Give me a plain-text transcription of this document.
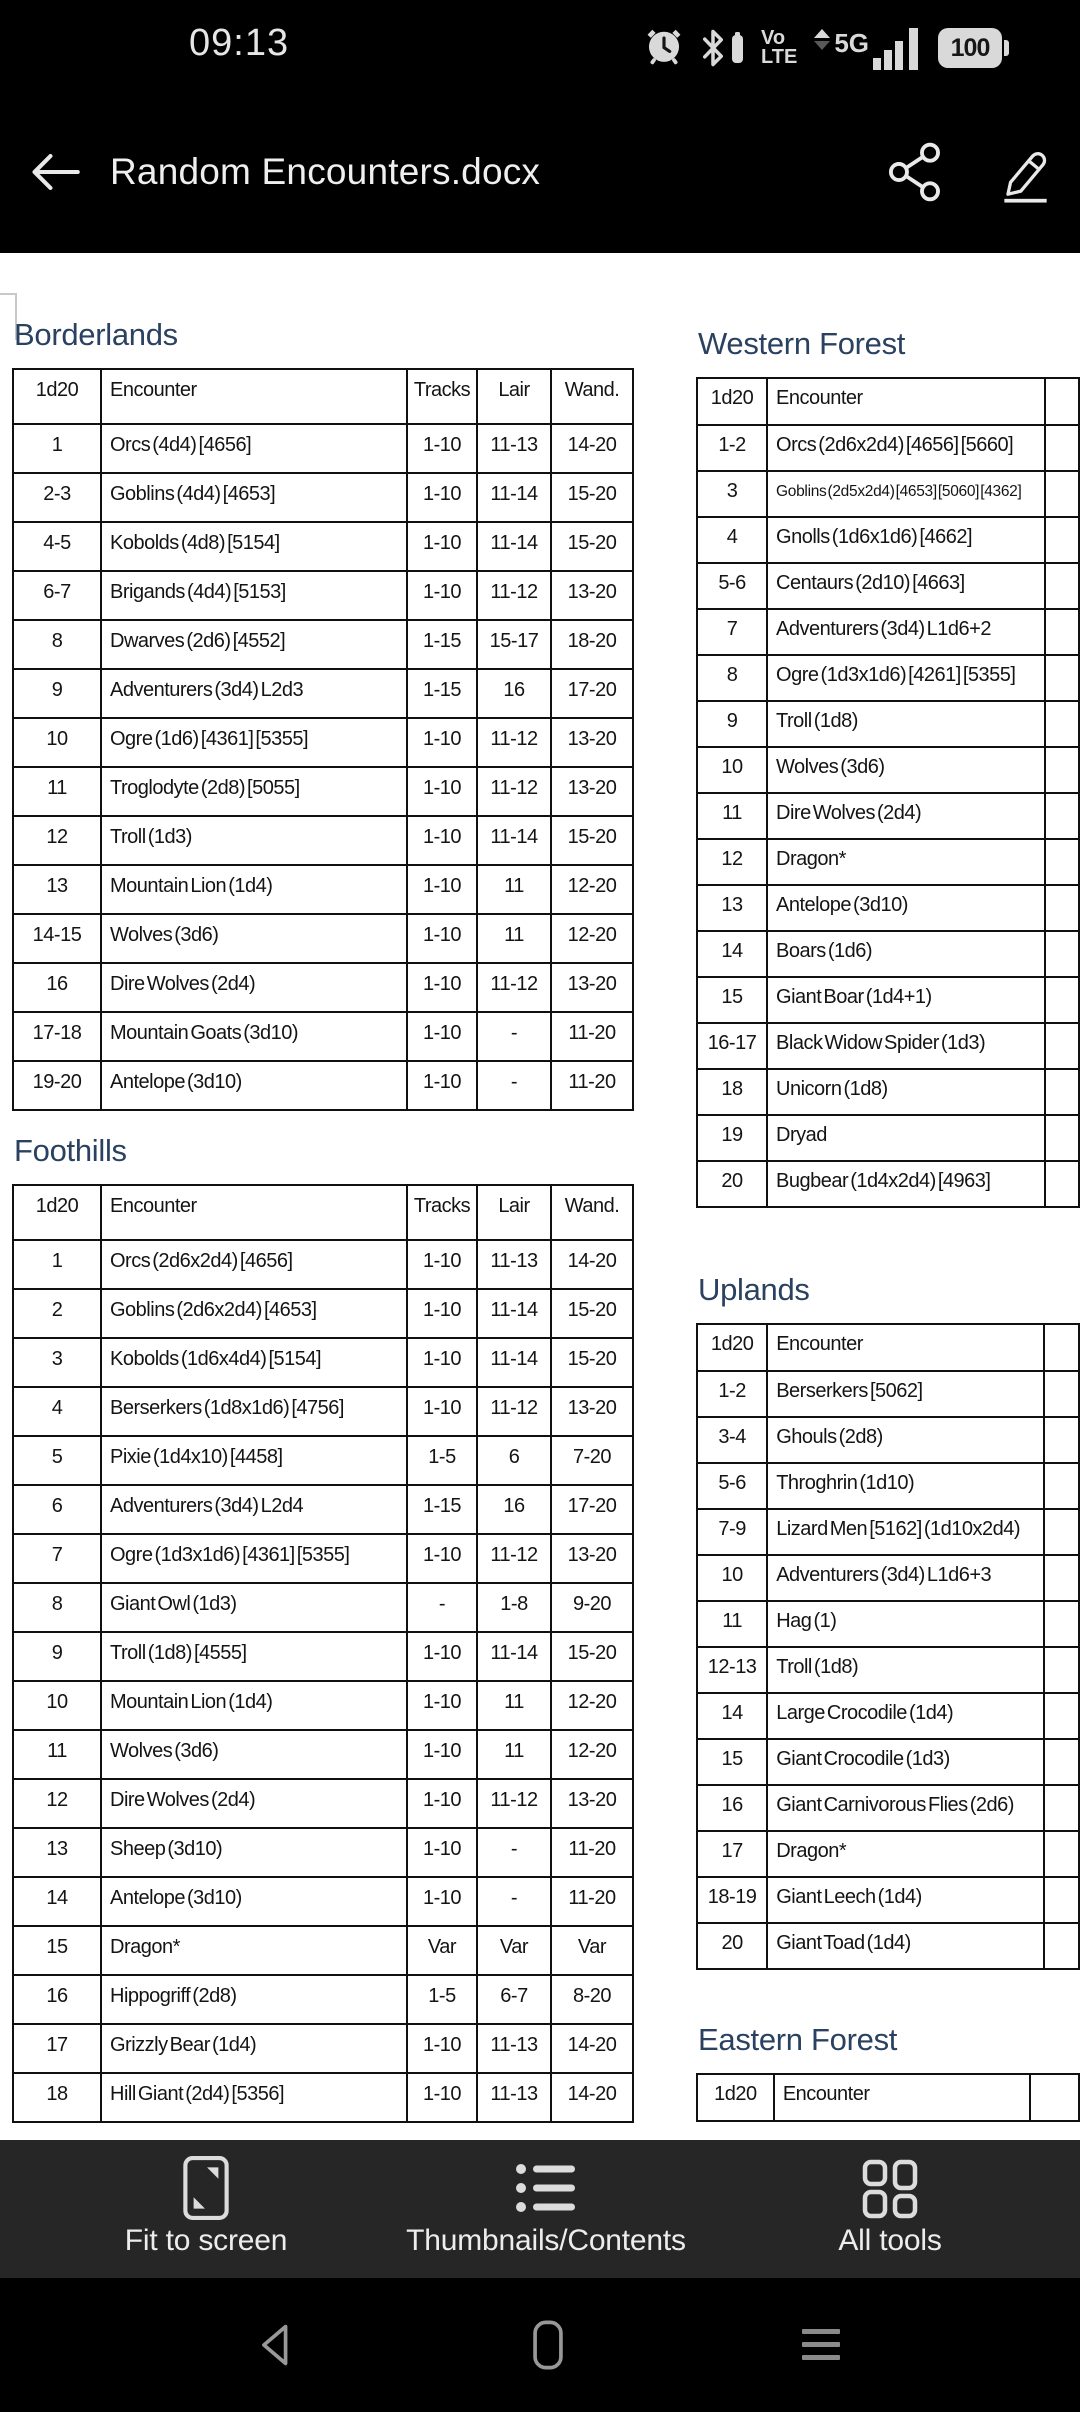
09:13	Vo
LTE 5G	100
Random Encounters.docx
Borderlands
1d20	Encounter	Tracks	Lair	Wand.
1	Orcs (4d4) [4656]	1-10	11-13	14-20
2-3	Goblins (4d4) [4653]	1-10	11-14	15-20
4-5	Kobolds (4d8) [5154]	1-10	11-14	15-20
6-7	Brigands (4d4) [5153]	1-10	11-12	13-20
8	Dwarves (2d6) [4552]	1-15	15-17	18-20
9	Adventurers (3d4) L2d3	1-15	16	17-20
10	Ogre (1d6) [4361] [5355]	1-10	11-12	13-20
11	Troglodyte (2d8) [5055]	1-10	11-12	13-20
12	Troll (1d3)	1-10	11-14	15-20
13	Mountain Lion (1d4)	1-10	11	12-20
14-15	Wolves (3d6)	1-10	11	12-20
16	Dire Wolves (2d4)	1-10	11-12	13-20
17-18	Mountain Goats (3d10)	1-10	-	11-20
19-20	Antelope (3d10)	1-10	-	11-20
Foothills
1d20	Encounter	Tracks	Lair	Wand.
1	Orcs (2d6x2d4) [4656]	1-10	11-13	14-20
2	Goblins (2d6x2d4) [4653]	1-10	11-14	15-20
3	Kobolds (1d6x4d4) [5154]	1-10	11-14	15-20
4	Berserkers (1d8x1d6) [4756]	1-10	11-12	13-20
5	Pixie (1d4x10) [4458]	1-5	6	7-20
6	Adventurers (3d4) L2d4	1-15	16	17-20
7	Ogre (1d3x1d6) [4361] [5355]	1-10	11-12	13-20
8	Giant Owl (1d3)	-	1-8	9-20
9	Troll (1d8) [4555]	1-10	11-14	15-20
10	Mountain Lion (1d4)	1-10	11	12-20
11	Wolves (3d6)	1-10	11	12-20
12	Dire Wolves (2d4)	1-10	11-12	13-20
13	Sheep (3d10)	1-10	-	11-20
14	Antelope (3d10)	1-10	-	11-20
15	Dragon*	Var	Var	Var
16	Hippogriff (2d8)	1-5	6-7	8-20
17	Grizzly Bear (1d4)	1-10	11-13	14-20
18	Hill Giant (2d4) [5356]	1-10	11-13	14-20
Western Forest
1d20	Encounter	
1-2	Orcs (2d6x2d4) [4656] [5660]	
3	Goblins (2d5x2d4) [4653] [5060] [4362]	
4	Gnolls (1d6x1d6) [4662]	
5-6	Centaurs (2d10) [4663]	
7	Adventurers (3d4) L1d6+2	
8	Ogre (1d3x1d6) [4261] [5355]	
9	Troll (1d8)	
10	Wolves (3d6)	
11	Dire Wolves (2d4)	
12	Dragon*	
13	Antelope (3d10)	
14	Boars (1d6)	
15	Giant Boar (1d4+1)	
16-17	Black Widow Spider (1d3)	
18	Unicorn (1d8)	
19	Dryad	
20	Bugbear (1d4x2d4) [4963]	
Uplands
1d20	Encounter	
1-2	Berserkers [5062]	
3-4	Ghouls (2d8)	
5-6	Throghrin (1d10)	
7-9	Lizard Men [5162] (1d10x2d4)	
10	Adventurers (3d4) L1d6+3	
11	Hag (1)	
12-13	Troll (1d8)	
14	Large Crocodile (1d4)	
15	Giant Crocodile (1d3)	
16	Giant Carnivorous Flies (2d6)	
17	Dragon*	
18-19	Giant Leech (1d4)	
20	Giant Toad (1d4)	
Eastern Forest
1d20	Encounter	
Fit to screen	Thumbnails/Contents	All tools
